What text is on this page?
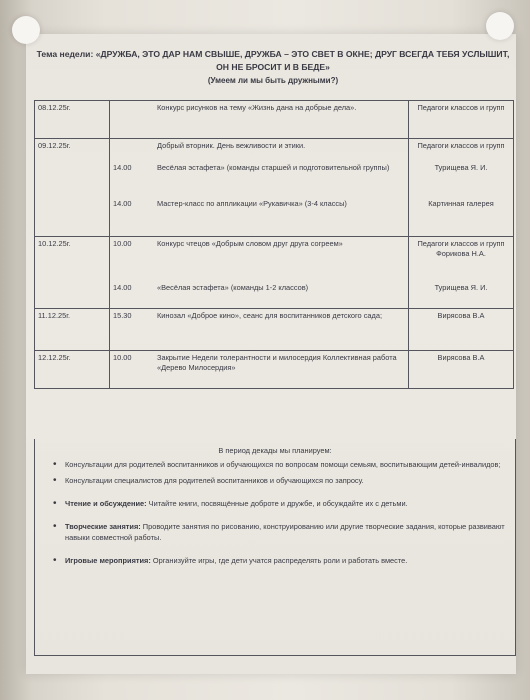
Тема недели: «ДРУЖБА, ЭТО ДАР НАМ СВЫШЕ, ДРУЖБА – ЭТО СВЕТ В ОКНЕ; ДРУГ ВСЕГДА ТЕБЯ УСЛЫШИТ, ОН НЕ БРОСИТ И В БЕДЕ»
(Умеем ли мы быть дружными?)
08.12.25г.		Конкурс рисунков на тему «Жизнь дана на добрые дела».	Педагоги классов и групп
09.12.25г.		Добрый вторник. День вежливости и этики.	Педагоги классов и групп
	14.00	Весёлая эстафета» (команды старшей и подготовительной группы)	Турищева Я. И.
	14.00	Мастер-класс по аппликации «Рукавичка» (3-4 классы)	Картинная галерея
10.12.25г.	10.00	Конкурс чтецов «Добрым словом друг друга согреем»	Педагоги классов и групп Форикова Н.А.
	14.00	«Весёлая эстафета» (команды 1-2 классов)	Турищева Я. И.
11.12.25г.	15.30	Кинозал «Доброе кино», сеанс для воспитанников детского сада;	Вирясова В.А
12.12.25г.	10.00	Закрытие Недели толерантности и милосердия Коллективная работа «Дерево Милосердия»	Вирясова В.А
В период декады мы планируем:
• Консультации для родителей воспитанников и обучающихся по вопросам помощи семьям, воспитывающим детей-инвалидов;
• Консультации специалистов для родителей воспитанников и обучающихся по запросу.
• Чтение и обсуждение: Читайте книги, посвящённые доброте и дружбе, и обсуждайте их с детьми.
• Творческие занятия: Проводите занятия по рисованию, конструированию или другие творческие задания, которые развивают навыки совместной работы.
• Игровые мероприятия: Организуйте игры, где дети учатся распределять роли и работать вместе.
